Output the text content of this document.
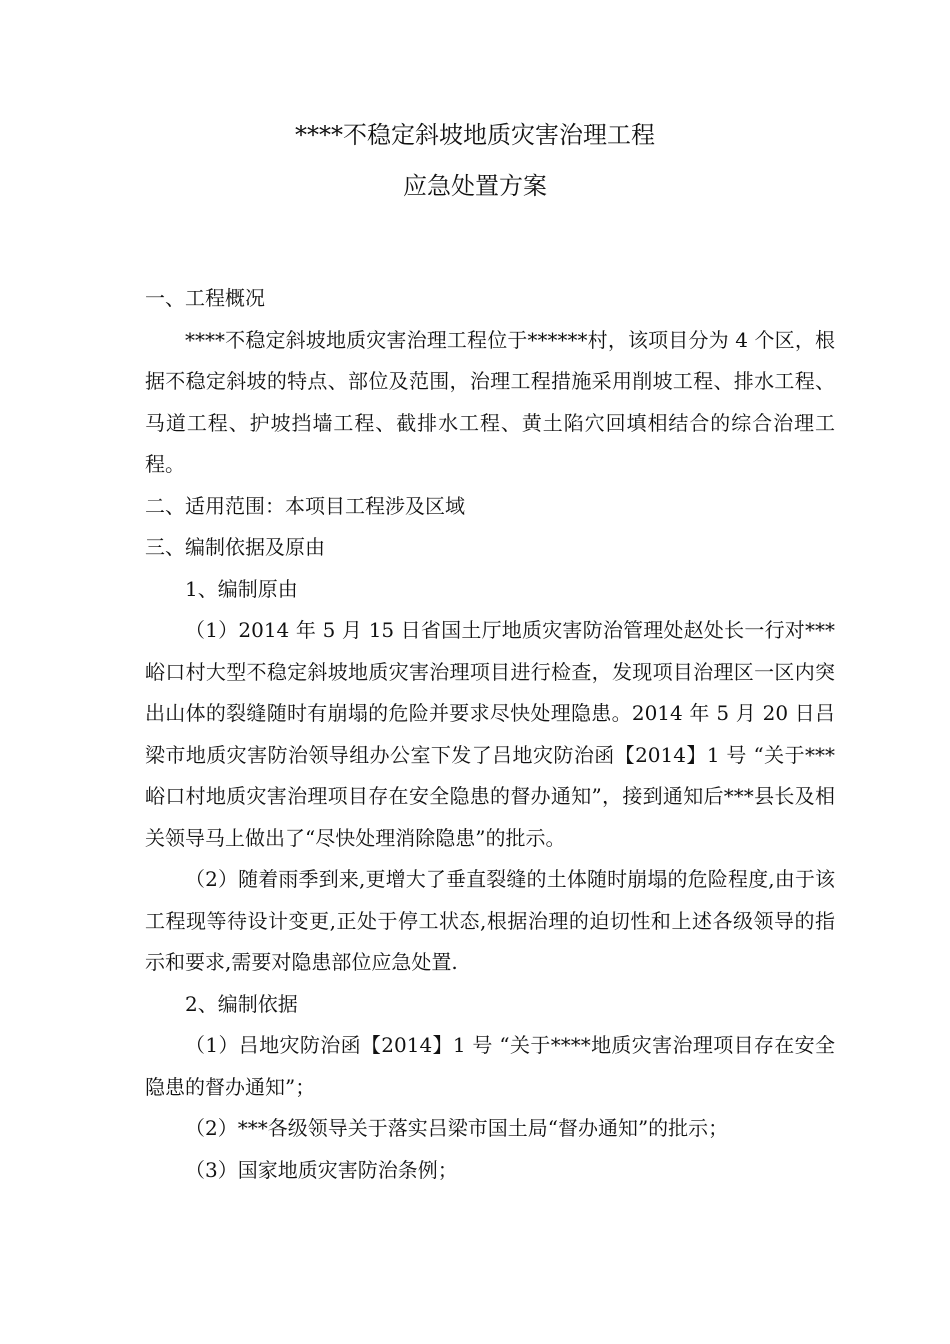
****不稳定斜坡地质灾害治理工程
应急处置方案

一、工程概况

****不稳定斜坡地质灾害治理工程位于******村，该项目分为 4 个区，根据不稳定斜坡的特点、部位及范围，治理工程措施采用削坡工程、排水工程、马道工程、护坡挡墙工程、截排水工程、黄土陷穴回填相结合的综合治理工程。

二、适用范围：本项目工程涉及区域

三、编制依据及原由

1、编制原由

（1）2014 年 5 月 15 日省国土厅地质灾害防治管理处赵处长一行对***峪口村大型不稳定斜坡地质灾害治理项目进行检查，发现项目治理区一区内突出山体的裂缝随时有崩塌的危险并要求尽快处理隐患。2014 年 5 月 20 日吕梁市地质灾害防治领导组办公室下发了吕地灾防治函【2014】1 号 “关于***峪口村地质灾害治理项目存在安全隐患的督办通知”，接到通知后***县长及相关领导马上做出了“尽快处理消除隐患”的批示。

（2）随着雨季到来,更增大了垂直裂缝的土体随时崩塌的危险程度,由于该工程现等待设计变更,正处于停工状态,根据治理的迫切性和上述各级领导的指示和要求,需要对隐患部位应急处置.

2、编制依据

（1）吕地灾防治函【2014】1 号 “关于****地质灾害治理项目存在安全隐患的督办通知”；

（2）***各级领导关于落实吕梁市国土局“督办通知”的批示；

（3）国家地质灾害防治条例；
